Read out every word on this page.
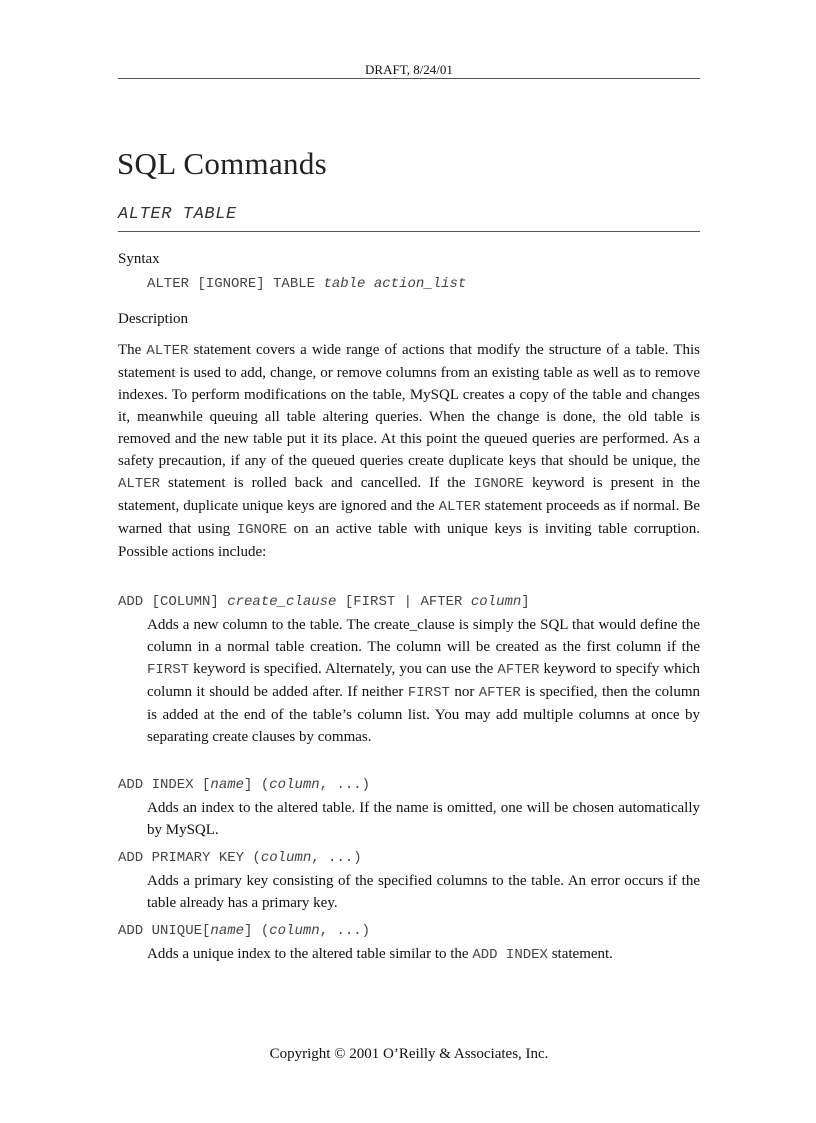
DRAFT, 8/24/01
SQL Commands
ALTER TABLE
Syntax
ALTER [IGNORE] TABLE table action_list
Description

The ALTER statement covers a wide range of actions that modify the structure of a table. This statement is used to add, change, or remove columns from an existing table as well as to remove indexes. To perform modifications on the table, MySQL creates a copy of the table and changes it, meanwhile queuing all table altering queries. When the change is done, the old table is removed and the new table put it its place. At this point the queued queries are performed. As a safety precaution, if any of the queued queries create duplicate keys that should be unique, the ALTER statement is rolled back and cancelled. If the IGNORE keyword is present in the statement, duplicate unique keys are ignored and the ALTER statement proceeds as if normal. Be warned that using IGNORE on an active table with unique keys is inviting table corruption. Possible actions include:

ADD [COLUMN] create_clause [FIRST | AFTER column]

Adds a new column to the table. The create_clause is simply the SQL that would define the column in a normal table creation. The column will be created as the first column if the FIRST keyword is specified. Alternately, you can use the AFTER keyword to specify which column it should be added after. If neither FIRST nor AFTER is specified, then the column is added at the end of the table’s column list. You may add multiple columns at once by separating create clauses by commas.

ADD INDEX [name] (column, ...)

Adds an index to the altered table. If the name is omitted, one will be chosen automatically by MySQL.

ADD PRIMARY KEY (column, ...)

Adds a primary key consisting of the specified columns to the table. An error occurs if the table already has a primary key.

ADD UNIQUE[name] (column, ...)

Adds a unique index to the altered table similar to the ADD INDEX statement.

Copyright © 2001 O’Reilly & Associates, Inc.
